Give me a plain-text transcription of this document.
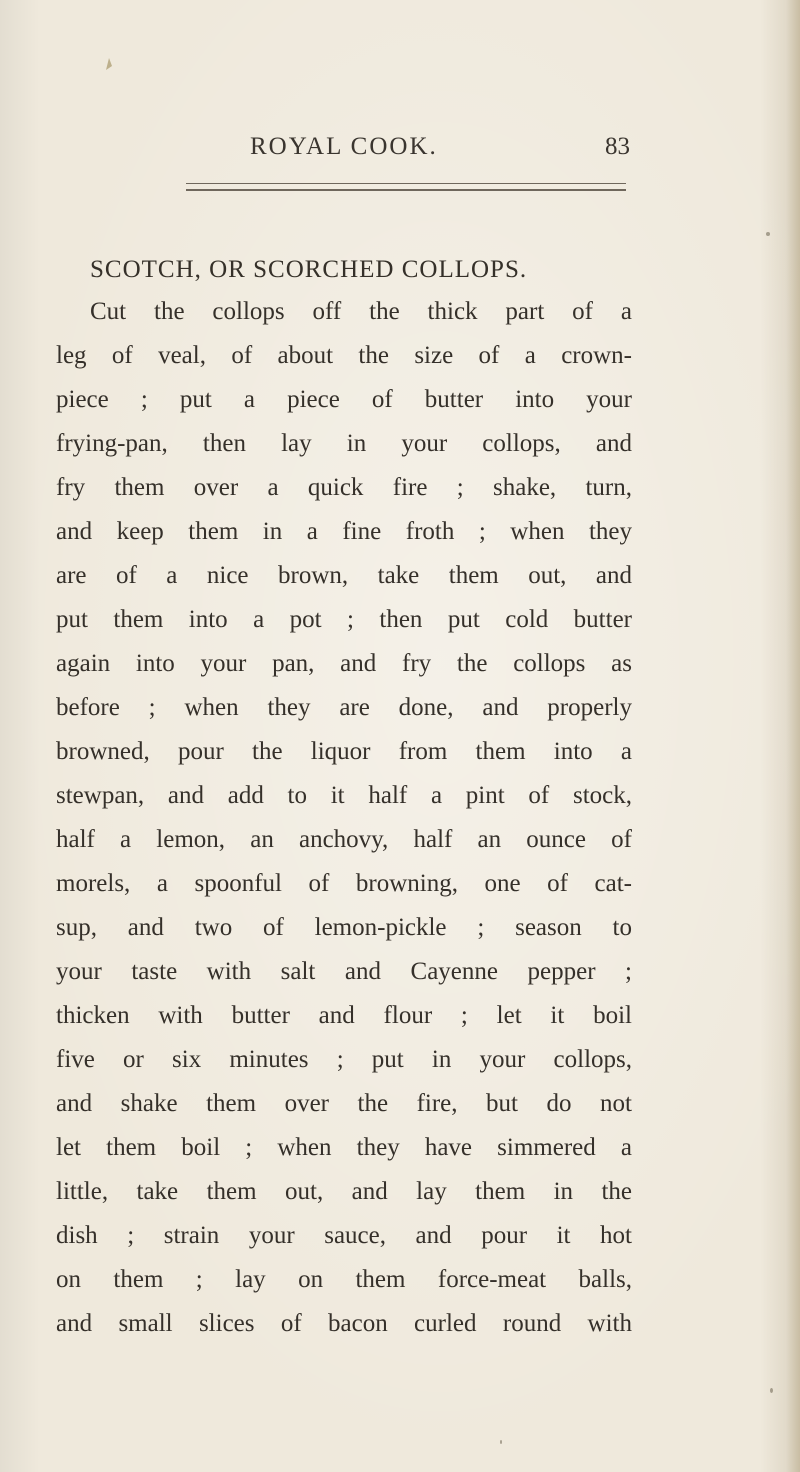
ROYAL COOK.	83
SCOTCH, OR SCORCHED COLLOPS.
Cut the collops off the thick part of a
leg of veal, of about the size of a crown-
piece ; put a piece of butter into your
frying-pan, then lay in your collops, and
fry them over a quick fire ; shake, turn,
and keep them in a fine froth ; when they
are of a nice brown, take them out, and
put them into a pot ; then put cold butter
again into your pan, and fry the collops as
before ; when they are done, and properly
browned, pour the liquor from them into a
stewpan, and add to it half a pint of stock,
half a lemon, an anchovy, half an ounce of
morels, a spoonful of browning, one of cat-
sup, and two of lemon-pickle ; season to
your taste with salt and Cayenne pepper ;
thicken with butter and flour ; let it boil
five or six minutes ; put in your collops,
and shake them over the fire, but do not
let them boil ; when they have simmered a
little, take them out, and lay them in the
dish ; strain your sauce, and pour it hot
on them ; lay on them force-meat balls,
and small slices of bacon curled round with
